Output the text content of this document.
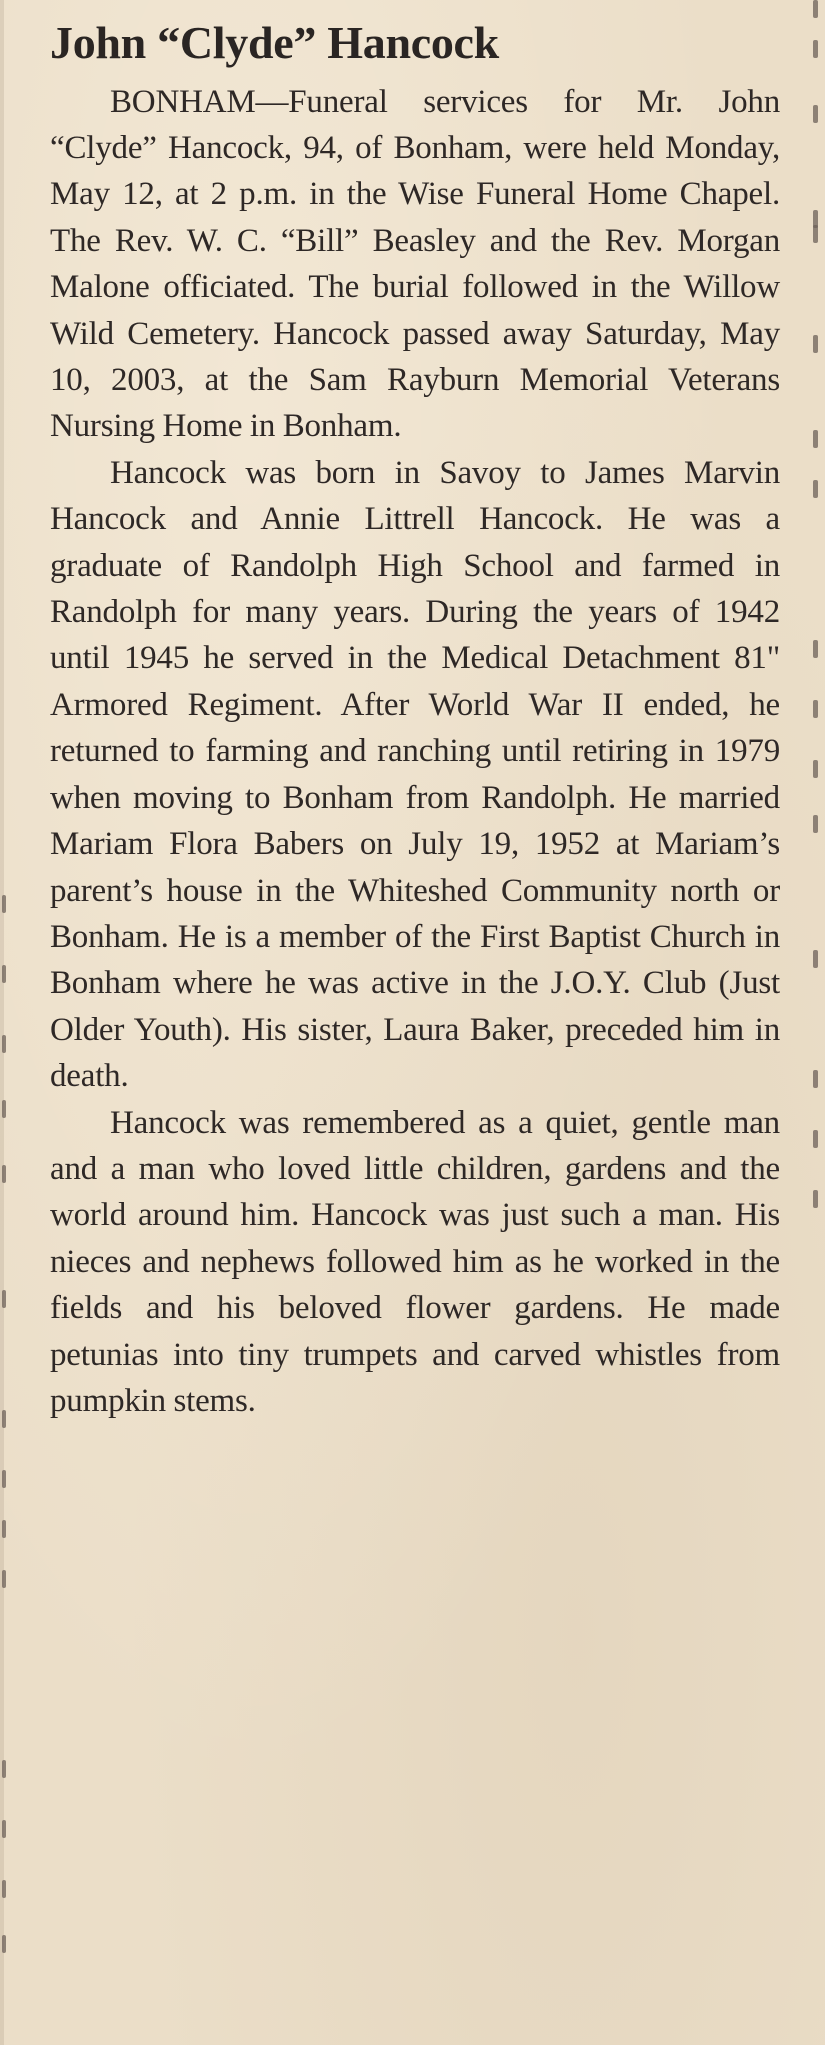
John “Clyde” Hancock

BONHAM—Funeral services for Mr. John “Clyde” Hancock, 94, of Bonham, were held Monday, May 12, at 2 p.m. in the Wise Funeral Home Chapel. The Rev. W. C. “Bill” Beasley and the Rev. Morgan Malone officiated. The burial followed in the Willow Wild Cemetery. Hancock passed away Saturday, May 10, 2003, at the Sam Rayburn Memorial Veterans Nursing Home in Bonham.

Hancock was born in Savoy to James Marvin Hancock and Annie Littrell Hancock. He was a graduate of Randolph High School and farmed in Randolph for many years. During the years of 1942 until 1945 he served in the Medical Detachment 81" Armored Regiment. After World War II ended, he returned to farming and ranching until retiring in 1979 when moving to Bonham from Randolph. He married Mariam Flora Babers on July 19, 1952 at Mariam’s parent’s house in the Whiteshed Community north or Bonham. He is a member of the First Baptist Church in Bonham where he was active in the J.O.Y. Club (Just Older Youth). His sister, Laura Baker, preceded him in death.

Hancock was remembered as a quiet, gentle man and a man who loved little children, gardens and the world around him. Hancock was just such a man. His nieces and nephews followed him as he worked in the fields and his beloved flower gardens. He made petunias into tiny trumpets and carved whistles from pumpkin stems.
